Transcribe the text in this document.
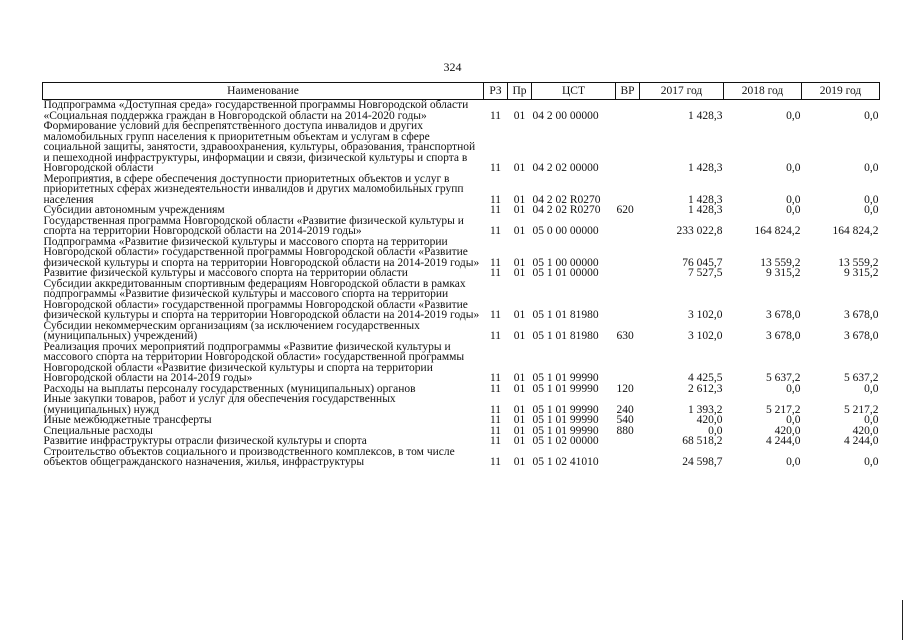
324
Наименование	РЗ	Пр	ЦСТ	ВР	2017 год	2018 год	2019 год
Подпрограмма «Доступная среда» государственной программы Новгородской области «Социальная поддержка граждан в Новгородской области на 2014-2020 годы»	11	01	04 2 00 00000		1 428,3	0,0	0,0
Формирование условий для беспрепятственного доступа инвалидов и других маломобильных групп населения к приоритетным объектам и услугам в сфере социальной защиты, занятости, здравоохранения, культуры, образования, транспортной и пешеходной инфраструктуры, информации и связи, физической культуры и спорта в Новгородской области	11	01	04 2 02 00000		1 428,3	0,0	0,0
Мероприятия, в сфере обеспечения доступности приоритетных объектов и услуг в приоритетных сферах жизнедеятельности инвалидов и других маломобильных групп населения	11	01	04 2 02 R0270		1 428,3	0,0	0,0
Субсидии автономным учреждениям	11	01	04 2 02 R0270	620	1 428,3	0,0	0,0
Государственная программа Новгородской области «Развитие физической культуры и спорта на территории Новгородской области на 2014-2019 годы»	11	01	05 0 00 00000		233 022,8	164 824,2	164 824,2
Подпрограмма «Развитие физической культуры и массового спорта на территории Новгородской области» государственной программы Новгородской области «Развитие физической культуры и спорта на территории Новгородской области на 2014-2019 годы»	11	01	05 1 00 00000		76 045,7	13 559,2	13 559,2
Развитие физической культуры и массового спорта на территории области	11	01	05 1 01 00000		7 527,5	9 315,2	9 315,2
Субсидии аккредитованным спортивным федерациям Новгородской области в рамках подпрограммы «Развитие физической культуры и массового спорта на территории Новгородской области» государственной программы Новгородской области «Развитие физической культуры и спорта на территории Новгородской области на 2014-2019 годы»	11	01	05 1 01 81980		3 102,0	3 678,0	3 678,0
Субсидии некоммерческим организациям (за исключением государственных (муниципальных) учреждений)	11	01	05 1 01 81980	630	3 102,0	3 678,0	3 678,0
Реализация прочих мероприятий подпрограммы «Развитие физической культуры и массового спорта на территории Новгородской области» государственной программы Новгородской области «Развитие физической культуры и спорта на территории Новгородской области на 2014-2019 годы»	11	01	05 1 01 99990		4 425,5	5 637,2	5 637,2
Расходы на выплаты персоналу государственных (муниципальных) органов	11	01	05 1 01 99990	120	2 612,3	0,0	0,0
Иные закупки товаров, работ и услуг для обеспечения государственных (муниципальных) нужд	11	01	05 1 01 99990	240	1 393,2	5 217,2	5 217,2
Иные межбюджетные трансферты	11	01	05 1 01 99990	540	420,0	0,0	0,0
Специальные расходы	11	01	05 1 01 99990	880	0,0	420,0	420,0
Развитие инфраструктуры отрасли физической культуры и спорта	11	01	05 1 02 00000		68 518,2	4 244,0	4 244,0
Строительство объектов социального и производственного комплексов, в том числе объектов общегражданского назначения, жилья, инфраструктуры	11	01	05 1 02 41010		24 598,7	0,0	0,0
